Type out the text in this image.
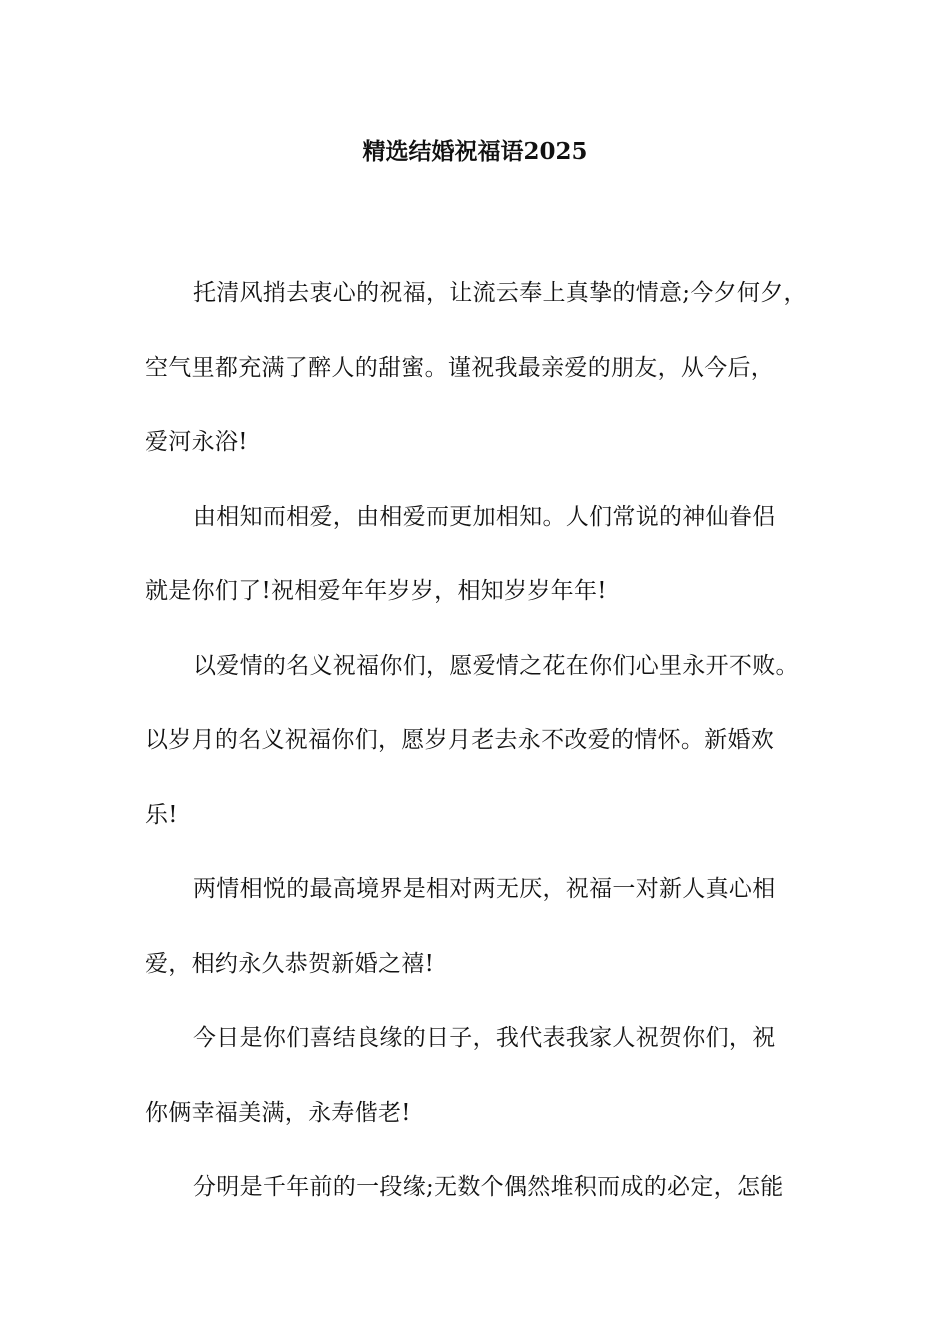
精选结婚祝福语2025
托清风捎去衷心的祝福，让流云奉上真挚的情意;今夕何夕，
空气里都充满了醉人的甜蜜。谨祝我最亲爱的朋友，从今后，
爱河永浴!
由相知而相爱，由相爱而更加相知。人们常说的神仙眷侣
就是你们了!祝相爱年年岁岁，相知岁岁年年!
以爱情的名义祝福你们，愿爱情之花在你们心里永开不败。
以岁月的名义祝福你们，愿岁月老去永不改爱的情怀。新婚欢
乐!
两情相悦的最高境界是相对两无厌，祝福一对新人真心相
爱，相约永久恭贺新婚之禧!
今日是你们喜结良缘的日子，我代表我家人祝贺你们，祝
你俩幸福美满，永寿偕老!
分明是千年前的一段缘;无数个偶然堆积而成的必定，怎能
